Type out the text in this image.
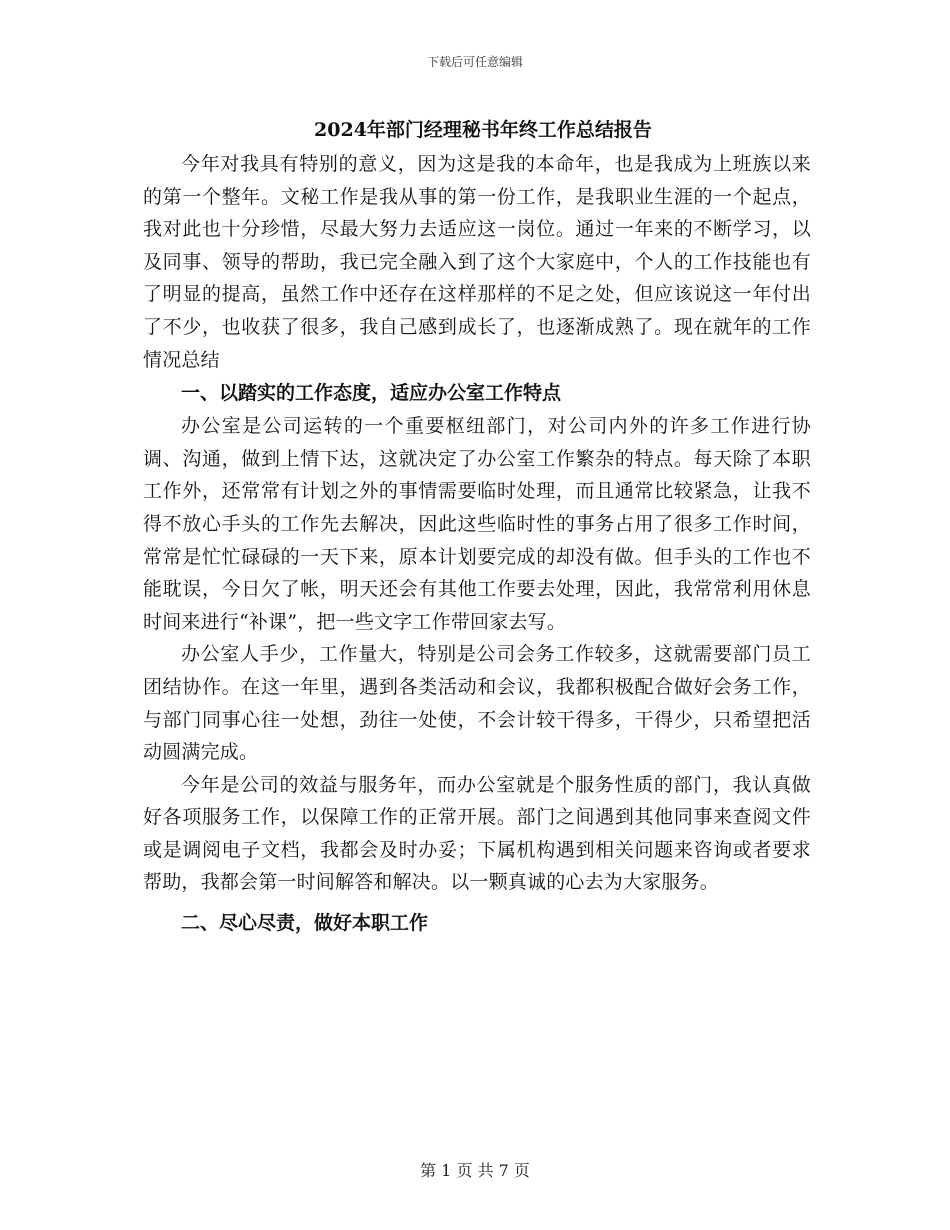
下载后可任意编辑
2024年部门经理秘书年终工作总结报告

今年对我具有特别的意义，因为这是我的本命年，也是我成为上班族以来的第一个整年。文秘工作是我从事的第一份工作，是我职业生涯的一个起点，我对此也十分珍惜，尽最大努力去适应这一岗位。通过一年来的不断学习，以及同事、领导的帮助，我已完全融入到了这个大家庭中，个人的工作技能也有了明显的提高，虽然工作中还存在这样那样的不足之处，但应该说这一年付出了不少，也收获了很多，我自己感到成长了，也逐渐成熟了。现在就年的工作情况总结

一、以踏实的工作态度，适应办公室工作特点

办公室是公司运转的一个重要枢纽部门，对公司内外的许多工作进行协调、沟通，做到上情下达，这就决定了办公室工作繁杂的特点。每天除了本职工作外，还常常有计划之外的事情需要临时处理，而且通常比较紧急，让我不得不放心手头的工作先去解决，因此这些临时性的事务占用了很多工作时间，常常是忙忙碌碌的一天下来，原本计划要完成的却没有做。但手头的工作也不能耽误，今日欠了帐，明天还会有其他工作要去处理，因此，我常常利用休息时间来进行“补课”，把一些文字工作带回家去写。

办公室人手少，工作量大，特别是公司会务工作较多，这就需要部门员工团结协作。在这一年里，遇到各类活动和会议，我都积极配合做好会务工作，与部门同事心往一处想，劲往一处使，不会计较干得多，干得少，只希望把活动圆满完成。

今年是公司的效益与服务年，而办公室就是个服务性质的部门，我认真做好各项服务工作，以保障工作的正常开展。部门之间遇到其他同事来查阅文件或是调阅电子文档，我都会及时办妥；下属机构遇到相关问题来咨询或者要求帮助，我都会第一时间解答和解决。以一颗真诚的心去为大家服务。

二、尽心尽责，做好本职工作
第 1 页 共 7 页
